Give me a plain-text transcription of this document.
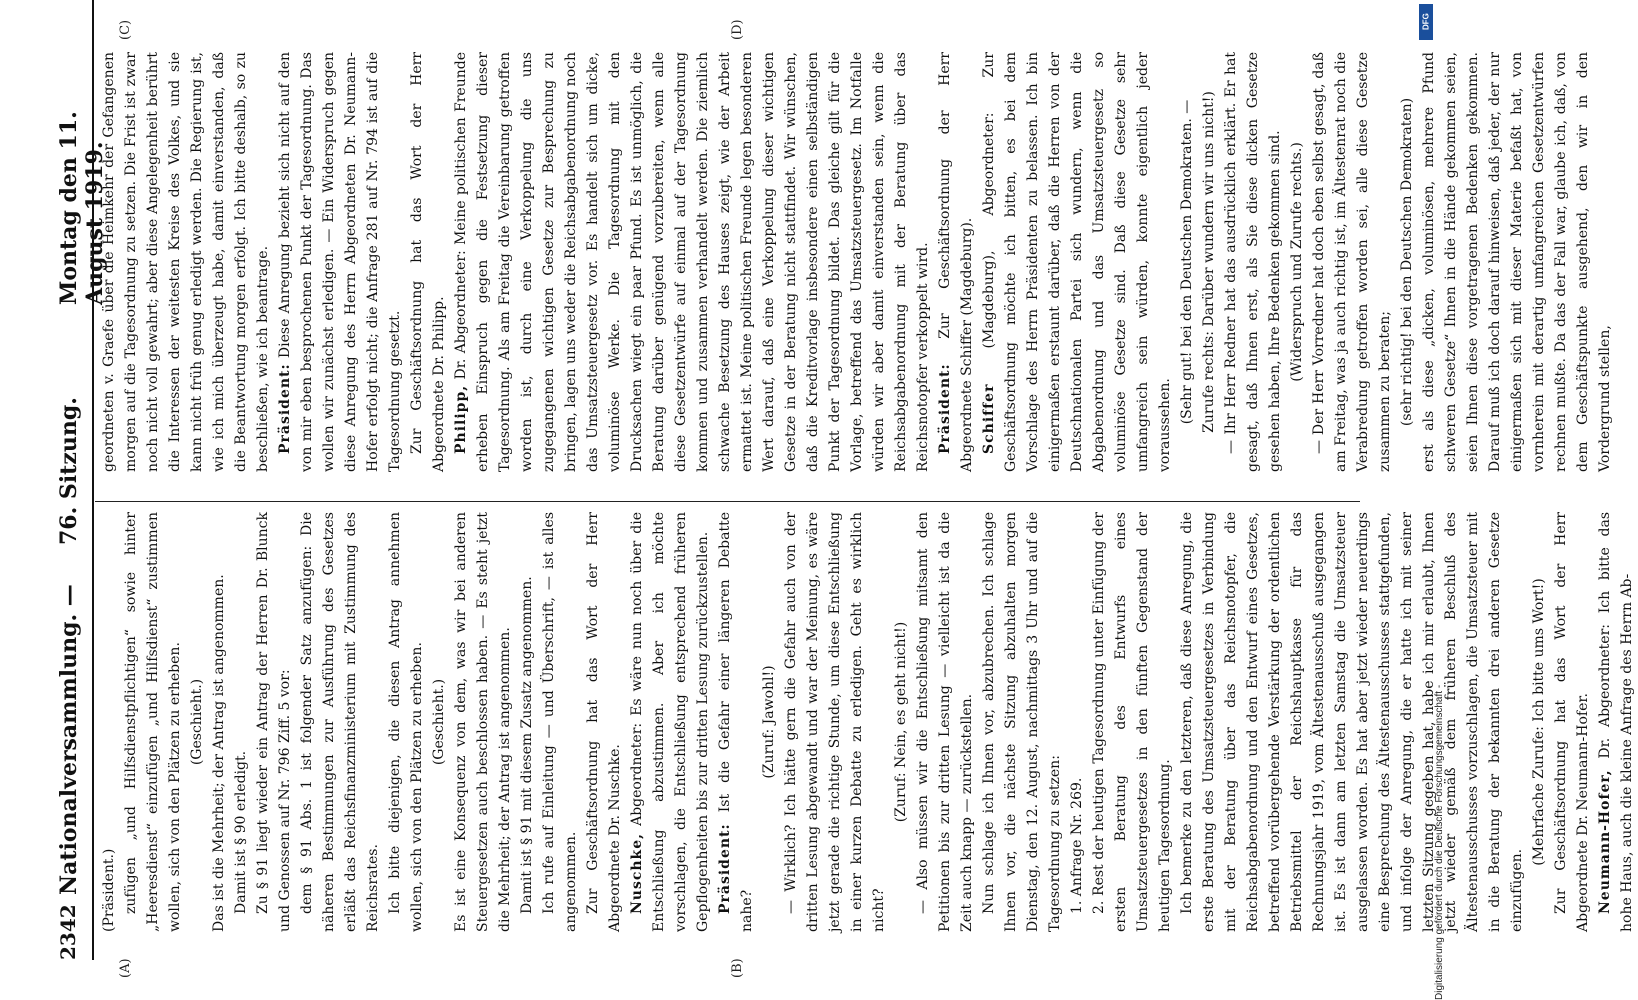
2342
Nationalversammlung. —
76. Sitzung.
Montag den 11. August 1919.
(A)	(B)
(C)	(D)

(Präsident.) zufügen „und Hilfsdienstpflichtigen“ sowie hinter „Heeresdienst“ einzufügen „und Hilfsdienst“ zustimmen wollen, sich von den Plätzen zu erheben. (Geschieht.) Das ist die Mehrheit; der Antrag ist angenommen. Damit ist § 90 erledigt. Zu § 91 liegt wieder ein Antrag der Herren Dr. Blunck und Genossen auf Nr. 796 Ziff. 5 vor: dem § 91 Abs. 1 ist folgender Satz anzufügen: Die näheren Bestimmungen zur Ausführung des Gesetzes erläßt das Reichsfinanzministerium mit Zustimmung des Reichsrates. Ich bitte diejenigen, die diesen Antrag annehmen wollen, sich von den Plätzen zu erheben. (Geschieht.) Es ist eine Konsequenz von dem, was wir bei anderen Steuergesetzen auch beschlossen haben. — Es steht jetzt die Mehrheit; der Antrag ist angenommen. Damit ist § 91 mit diesem Zusatz angenommen. Ich rufe auf Einleitung — und Überschrift, — ist alles angenommen. Zur Geschäftsordnung hat das Wort der Herr Abgeordnete Dr. Nuschke. Nuschke, Abgeordneter: Es wäre nun noch über die Entschließung abzustimmen. Aber ich möchte vorschlagen, die Entschließung entsprechend früheren Gepflogenheiten bis zur dritten Lesung zurückzustellen. Präsident: Ist die Gefahr einer längeren Debatte nahe?

(Zuruf: Jawohl!) — Wirklich? Ich hätte gern die Gefahr auch von der dritten Lesung abgewandt und war der Meinung, es wäre jetzt gerade die richtige Stunde, um diese Entschließung in einer kurzen Debatte zu erledigen. Geht es wirklich nicht?

(Zuruf: Nein, es geht nicht!) — Also müssen wir die Entschließung mitsamt den Petitionen bis zur dritten Lesung — vielleicht ist da die Zeit auch knapp — zurückstellen. Nun schlage ich Ihnen vor, abzubrechen. Ich schlage Ihnen vor, die nächste Sitzung abzuhalten morgen Dienstag, den 12. August, nachmittags 3 Uhr und auf die Tagesordnung zu setzen: 1. Anfrage Nr. 269. 2. Rest der heutigen Tagesordnung unter Einfügung der ersten Beratung des Entwurfs eines Umsatzsteuergesetzes in den fünften Gegenstand der heutigen Tagesordnung. Ich bemerke zu den letzteren, daß diese Anregung, die erste Beratung des Umsatzsteuergesetzes in Verbindung mit der Beratung über das Reichsnotopfer, die Reichsabgabenordnung und den Entwurf eines Gesetzes, betreffend vorübergehende Verstärkung der ordentlichen Betriebsmittel der Reichshauptkasse für das Rechnungsjahr 1919, vom Ältestenausschuß ausgegangen ist. Es ist dann am letzten Samstag die Umsatzsteuer ausgelassen worden. Es hat aber jetzt wieder neuerdings eine Besprechung des Ältestenausschusses stattgefunden, und infolge der Anregung, die er hatte ich mit seiner letzten Sitzung gegeben hat, habe ich mir erlaubt, Ihnen jetzt wieder gemäß dem früheren Beschluß des Ältestenausschusses vorzuschlagen, die Umsatzsteuer mit in die Beratung der bekannten drei anderen Gesetze einzufügen.

(Mehrfache Zurufe: Ich bitte ums Wort!) Zur Geschäftsordnung hat das Wort der Herr Abgeordnete Dr. Neumann-Hofer. Neumann-Hofer, Dr. Abgeordneter: Ich bitte das hohe Haus, auch die kleine Anfrage des Herrn Ab-

geordneten v. Graefe über die Heimkehr der Gefangenen morgen auf die Tagesordnung zu setzen. Die Frist ist zwar noch nicht voll gewahrt; aber diese Angelegenheit berührt die Interessen der weitesten Kreise des Volkes, und sie kann nicht früh genug erledigt werden. Die Regierung ist, wie ich mich überzeugt habe, damit einverstanden, daß die Beantwortung morgen erfolgt. Ich bitte deshalb, so zu beschließen, wie ich beantrage. Präsident: Diese Anregung bezieht sich nicht auf den von mir eben besprochenen Punkt der Tagesordnung. Das wollen wir zunächst erledigen. — Ein Widerspruch gegen diese Anregung des Herrn Abgeordneten Dr. Neumann-Hofer erfolgt nicht; die Anfrage 281 auf Nr. 794 ist auf die Tagesordnung gesetzt. Zur Geschäftsordnung hat das Wort der Herr Abgeordnete Dr. Philipp. Philipp, Dr. Abgeordneter: Meine politischen Freunde erheben Einspruch gegen die Festsetzung dieser Tagesordnung. Als am Freitag die Vereinbarung getroffen worden ist, durch eine Verkoppelung die uns zugegangenen wichtigen Gesetze zur Besprechung zu bringen, lagen uns weder die Reichsabgabenordnung noch das Umsatzsteuergesetz vor. Es handelt sich um dicke, voluminöse Werke. Die Tagesordnung mit den Drucksachen wiegt ein paar Pfund. Es ist unmöglich, die Beratung darüber genügend vorzubereiten, wenn alle diese Gesetzentwürfe auf einmal auf der Tagesordnung kommen und zusammen verhandelt werden. Die ziemlich schwache Besetzung des Hauses zeigt, wie der Arbeit ermattet ist. Meine politischen Freunde legen besonderen Wert darauf, daß eine Verkoppelung dieser wichtigen Gesetze in der Beratung nicht stattfindet. Wir wünschen, daß die Kreditvorlage insbesondere einen selbständigen Punkt der Tagesordnung bildet. Das gleiche gilt für die Vorlage, betreffend das Umsatzsteuergesetz. Im Notfalle würden wir aber damit einverstanden sein, wenn die Reichsabgabenordnung mit der Beratung über das Reichsnotopfer verkoppelt wird. Präsident: Zur Geschäftsordnung der Herr Abgeordnete Schiffer (Magdeburg). Schiffer (Magdeburg), Abgeordneter: Zur Geschäftsordnung möchte ich bitten, es bei dem Vorschlage des Herrn Präsidenten zu belassen. Ich bin einigermaßen erstaunt darüber, daß die Herren von der Deutschnationalen Partei sich wundern, wenn die Abgabenordnung und das Umsatzsteuergesetz so voluminöse Gesetze sind. Daß diese Gesetze sehr umfangreich sein würden, konnte eigentlich jeder voraussehen.

(Sehr gut! bei den Deutschen Demokraten. — Zurufe rechts: Darüber wundern wir uns nicht!) — Ihr Herr Redner hat das ausdrücklich erklärt. Er hat gesagt, daß Ihnen erst, als Sie diese dicken Gesetze gesehen haben, Ihre Bedenken gekommen sind. (Widerspruch und Zurufe rechts.) — Der Herr Vorredner hat doch eben selbst gesagt, daß am Freitag, was ja auch richtig ist, im Ältestenrat noch die Verabredung getroffen worden sei, alle diese Gesetze zusammen zu beraten; (sehr richtig! bei den Deutschen Demokraten) erst als diese „dicken, voluminösen, mehrere Pfund schweren Gesetze“ Ihnen in die Hände gekommen seien, seien Ihnen diese vorgetragenen Bedenken gekommen. Darauf muß ich doch darauf hinweisen, daß jeder, der nur einigermaßen sich mit dieser Materie befaßt hat, von vornherein mit derartig umfangreichen Gesetzentwürfen rechnen mußte. Da das der Fall war, glaube ich, daß, von dem Geschäftspunkte ausgehend, den wir in den Vordergrund stellen,

DFG
Digitalisierung gefördert durch die Deutsche Forschungsgemeinschaft -
